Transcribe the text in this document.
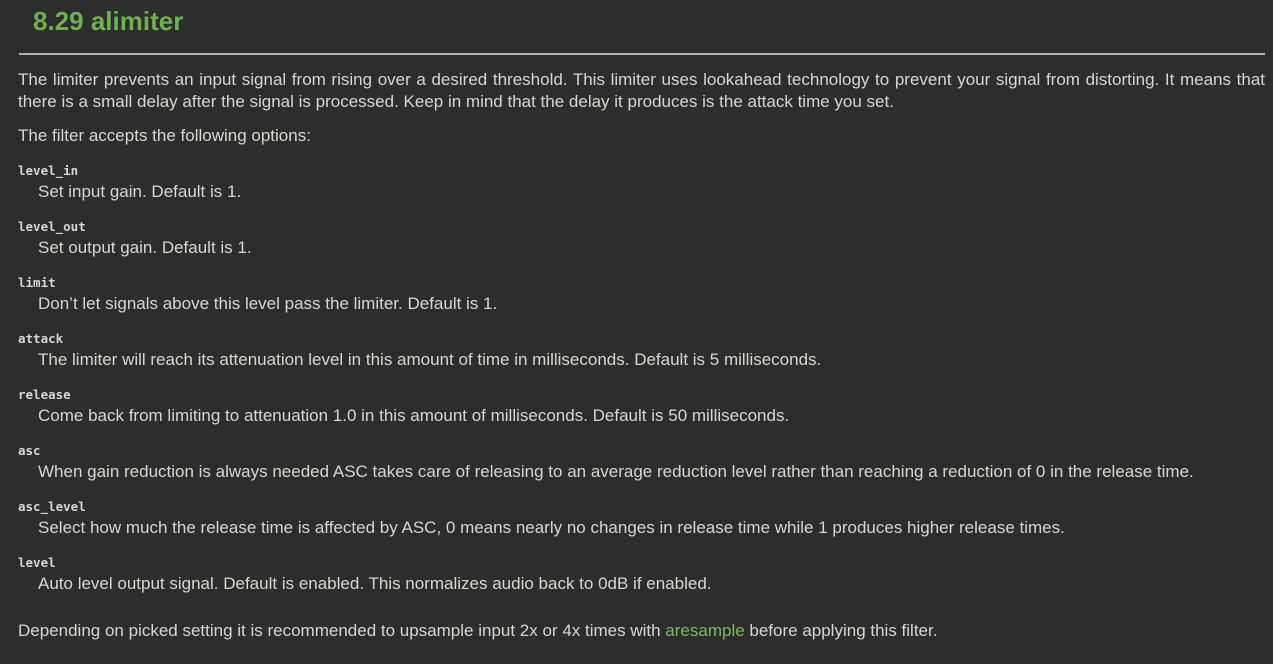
8.29 alimiter

The limiter prevents an input signal from rising over a desired threshold. This limiter uses lookahead technology to prevent your signal from distorting. It means that there is a small delay after the signal is processed. Keep in mind that the delay it produces is the attack time you set.

The filter accepts the following options:

level_in
Set input gain. Default is 1.
level_out
Set output gain. Default is 1.
limit
Don’t let signals above this level pass the limiter. Default is 1.
attack
The limiter will reach its attenuation level in this amount of time in milliseconds. Default is 5 milliseconds.
release
Come back from limiting to attenuation 1.0 in this amount of milliseconds. Default is 50 milliseconds.
asc
When gain reduction is always needed ASC takes care of releasing to an average reduction level rather than reaching a reduction of 0 in the release time.
asc_level
Select how much the release time is affected by ASC, 0 means nearly no changes in release time while 1 produces higher release times.
level
Auto level output signal. Default is enabled. This normalizes audio back to 0dB if enabled.

Depending on picked setting it is recommended to upsample input 2x or 4x times with aresample before applying this filter.
